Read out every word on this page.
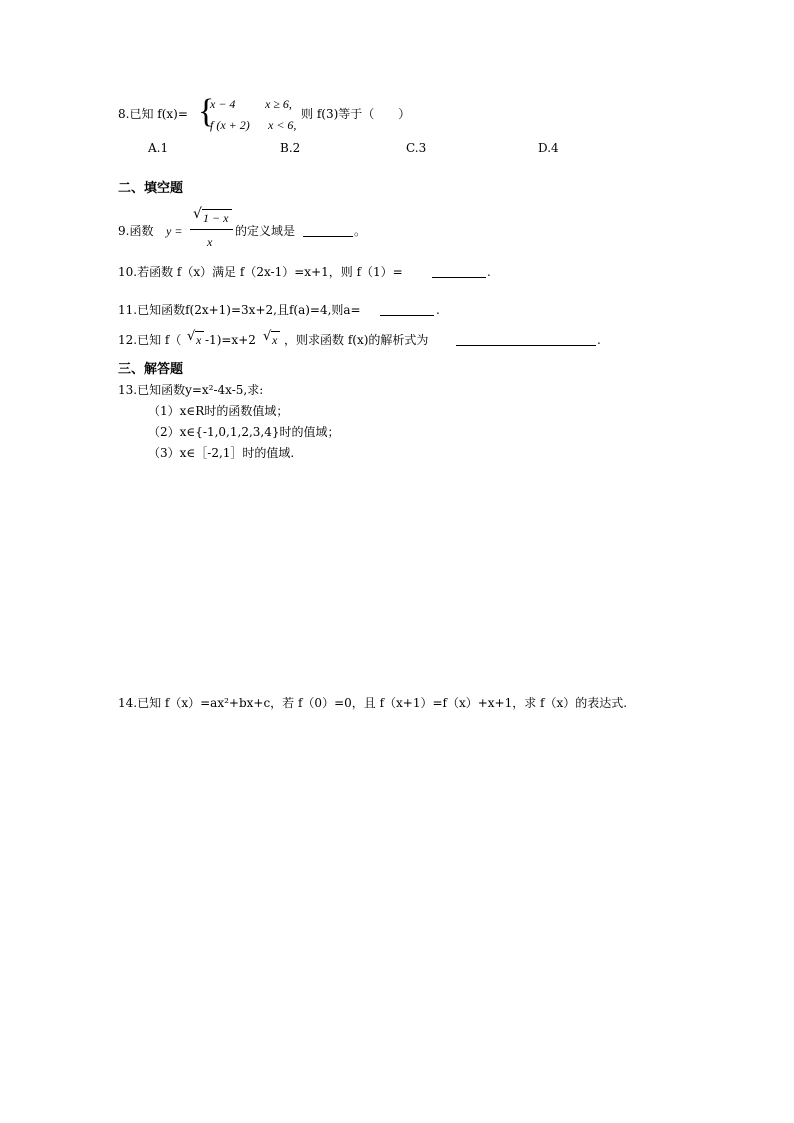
8.已知 f(x)= {
x − 4 x ≥ 6,
f (x + 2) x < 6,
则 f(3)等于（　　）
A.1	B.2	C.3	D.4
二、填空题
9.函数 y =
√ 1 − x
x
的定义域是	。
10.若函数 f（x）满足 f（2x-1）=x+1，则 f（1）=	.
11.已知函数f(2x+1)=3x+2,且f(a)=4,则a=	.
12.已知 f（ √ x -1)=x+2 √ x ，则求函数 f(x)的解析式为	.
三、解答题
13.已知函数y=x²-4x-5,求:
（1）x∈R时的函数值域；
（2）x∈{-1,0,1,2,3,4}时的值域；
（3）x∈［-2,1］时的值域.
14.已知 f（x）=ax²+bx+c，若 f（0）=0，且 f（x+1）=f（x）+x+1，求 f（x）的表达式.
